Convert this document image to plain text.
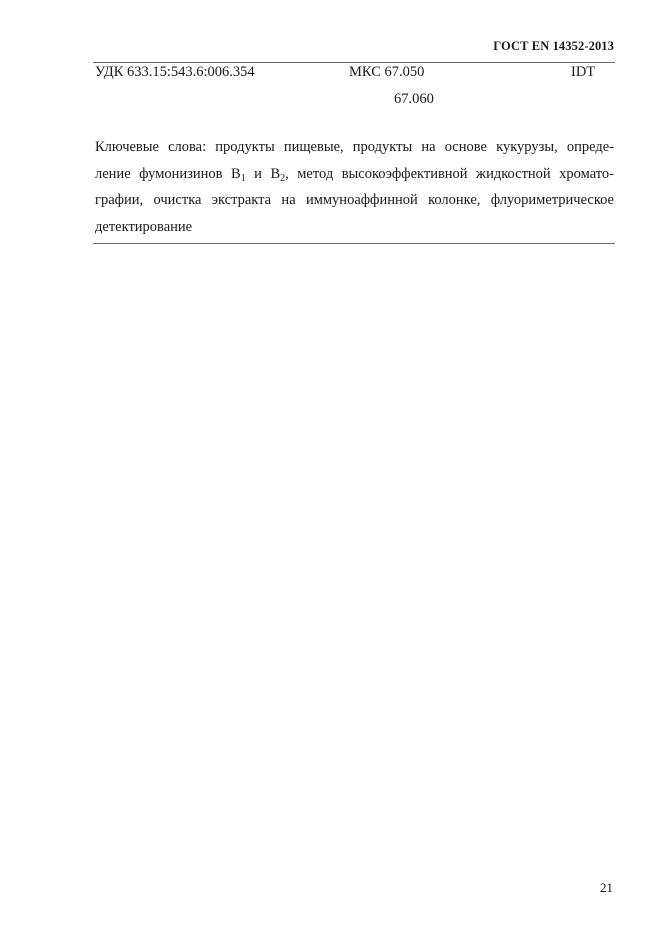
ГОСТ EN 14352-2013
УДК 633.15:543.6:006.354	МКС 67.050
67.060
IDT
Ключевые слова: продукты пищевые, продукты на основе кукурузы, опреде-
ление фумонизинов $В_1$ и $В_2$, метод высокоэффективной жидкостной хромато-
графии, очистка экстракта на иммуноаффинной колонке, флуориметрическое
детектирование
21
